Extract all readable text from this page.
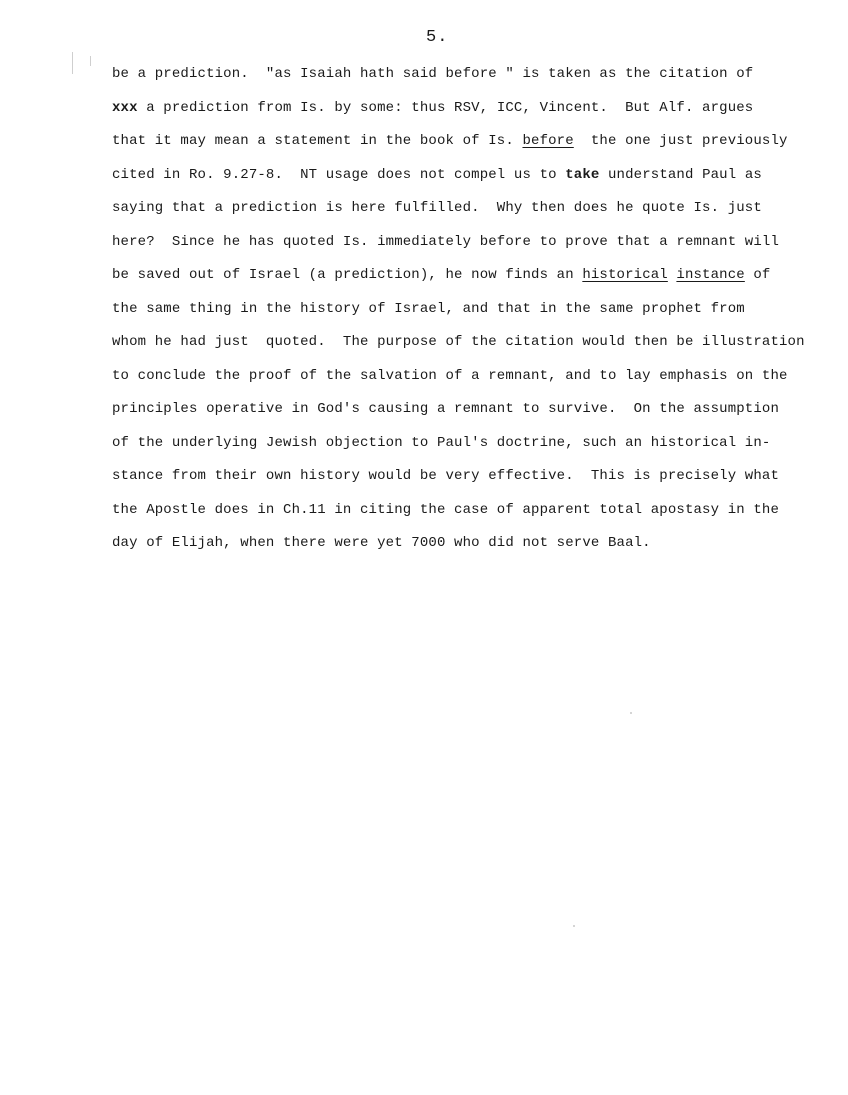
5.
be a prediction.  "as Isaiah hath said before " is taken as the citation of
xxx a prediction from Is. by some: thus RSV, ICC, Vincent.  But Alf. argues
that it may mean a statement in the book of Is. before  the one just previously
cited in Ro. 9.27-8.  NT usage does not compel us to take understand Paul as
saying that a prediction is here fulfilled.  Why then does he quote Is. just
here?  Since he has quoted Is. immediately before to prove that a remnant will
be saved out of Israel (a prediction), he now finds an historical instance of
the same thing in the history of Israel, and that in the same prophet from
whom he had just  quoted.  The purpose of the citation would then be illustration
to conclude the proof of the salvation of a remnant, and to lay emphasis on the
principles operative in God's causing a remnant to survive.  On the assumption
of the underlying Jewish objection to Paul's doctrine, such an historical in-
stance from their own history would be very effective.  This is precisely what
the Apostle does in Ch.11 in citing the case of apparent total apostasy in the
day of Elijah, when there were yet 7000 who did not serve Baal.
